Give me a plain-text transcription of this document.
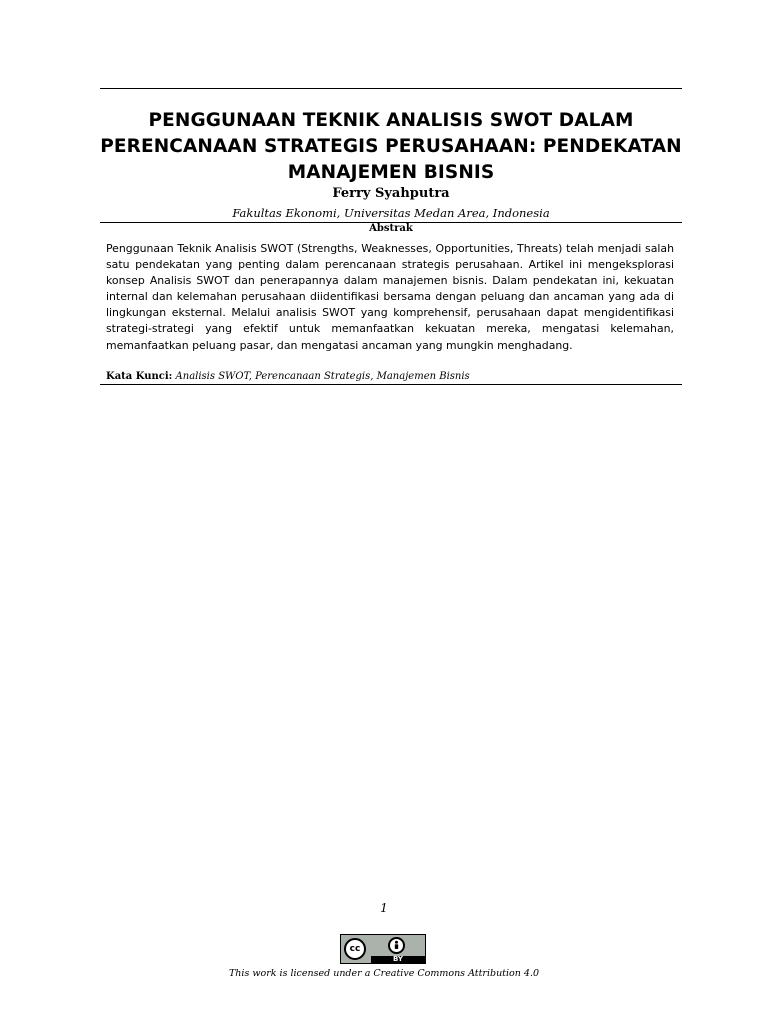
PENGGUNAAN TEKNIK ANALISIS SWOT DALAM
PERENCANAAN STRATEGIS PERUSAHAAN: PENDEKATAN
MANAJEMEN BISNIS
Ferry Syahputra
Fakultas Ekonomi, Universitas Medan Area, Indonesia
Abstrak

Penggunaan Teknik Analisis SWOT (Strengths, Weaknesses, Opportunities, Threats) telah menjadi salah satu pendekatan yang penting dalam perencanaan strategis perusahaan. Artikel ini mengeksplorasi konsep Analisis SWOT dan penerapannya dalam manajemen bisnis. Dalam pendekatan ini, kekuatan internal dan kelemahan perusahaan diidentifikasi bersama dengan peluang dan ancaman yang ada di lingkungan eksternal. Melalui analisis SWOT yang komprehensif, perusahaan dapat mengidentifikasi strategi-strategi yang efektif untuk memanfaatkan kekuatan mereka, mengatasi kelemahan, memanfaatkan peluang pasar, dan mengatasi ancaman yang mungkin menghadang.

Kata Kunci: Analisis SWOT, Perencanaan Strategis, Manajemen Bisnis
1
cc
BY
This work is licensed under a Creative Commons Attribution 4.0
